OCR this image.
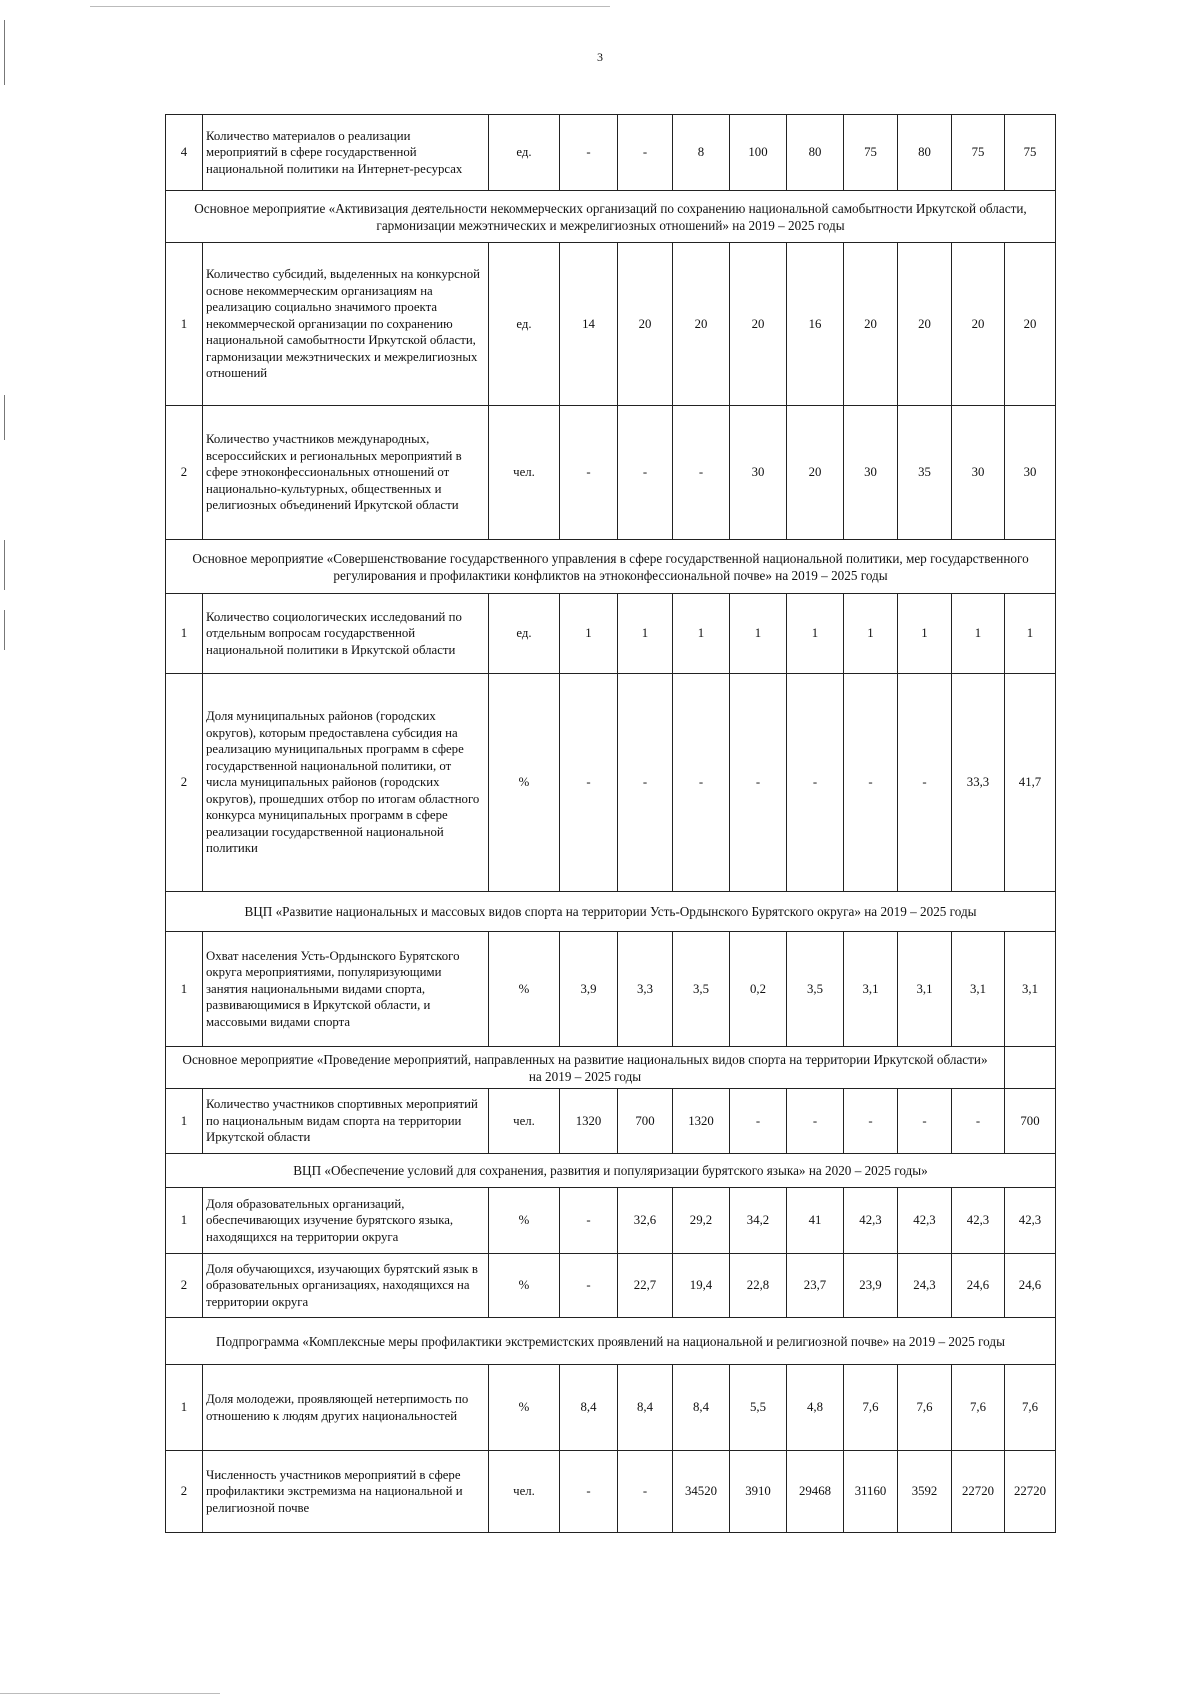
3
4	Количество материалов о реализации мероприятий в сфере государственной национальной политики на Интернет-ресурсах	ед.	-	-	8	100	80	75	80	75	75
Основное мероприятие «Активизация деятельности некоммерческих организаций по сохранению национальной самобытности Иркутской области, гармонизации межэтнических и межрелигиозных отношений» на 2019 – 2025 годы											
1	Количество субсидий, выделенных на конкурсной основе некоммерческим организациям на реализацию социально значимого проекта некоммерческой организации по сохранению национальной самобытности Иркутской области, гармонизации межэтнических и межрелигиозных отношений	ед.	14	20	20	20	16	20	20	20	20
2	Количество участников международных, всероссийских и региональных мероприятий в сфере этноконфессиональных отношений от национально-культурных, общественных и религиозных объединений Иркутской области	чел.	-	-	-	30	20	30	35	30	30
Основное мероприятие «Совершенствование государственного управления в сфере государственной национальной политики, мер государственного регулирования и профилактики конфликтов на этноконфессиональной почве» на 2019 – 2025 годы											
1	Количество социологических исследований по отдельным вопросам государственной национальной политики в Иркутской области	ед.	1	1	1	1	1	1	1	1	1
2	Доля муниципальных районов (городских округов), которым предоставлена субсидия на реализацию муниципальных программ в сфере государственной национальной политики, от числа муниципальных районов (городских округов), прошедших отбор по итогам областного конкурса муниципальных программ в сфере реализации государственной национальной политики	%	-	-	-	-	-	-	-	33,3	41,7
ВЦП «Развитие национальных и массовых видов спорта на территории Усть-Ордынского Бурятского округа» на 2019 – 2025 годы											
1	Охват населения Усть-Ордынского Бурятского округа мероприятиями, популяризующими занятия национальными видами спорта, развивающимися в Иркутской области, и массовыми видами спорта	%	3,9	3,3	3,5	0,2	3,5	3,1	3,1	3,1	3,1
Основное мероприятие «Проведение мероприятий, направленных на развитие национальных видов спорта на территории Иркутской области» на 2019 – 2025 годы											
1	Количество участников спортивных мероприятий по национальным видам спорта на территории Иркутской области	чел.	1320	700	1320	-	-	-	-	-	700
ВЦП «Обеспечение условий для сохранения, развития и популяризации бурятского языка» на 2020 – 2025 годы»											
1	Доля образовательных организаций, обеспечивающих изучение бурятского языка, находящихся на территории округа	%	-	32,6	29,2	34,2	41	42,3	42,3	42,3	42,3
2	Доля обучающихся, изучающих бурятский язык в образовательных организациях, находящихся на территории округа	%	-	22,7	19,4	22,8	23,7	23,9	24,3	24,6	24,6
Подпрограмма «Комплексные меры профилактики экстремистских проявлений на национальной и религиозной почве» на 2019 – 2025 годы											
1	Доля молодежи, проявляющей нетерпимость по отношению к людям других национальностей	%	8,4	8,4	8,4	5,5	4,8	7,6	7,6	7,6	7,6
2	Численность участников мероприятий в сфере профилактики экстремизма на национальной и религиозной почве	чел.	-	-	34520	3910	29468	31160	3592	22720	22720
